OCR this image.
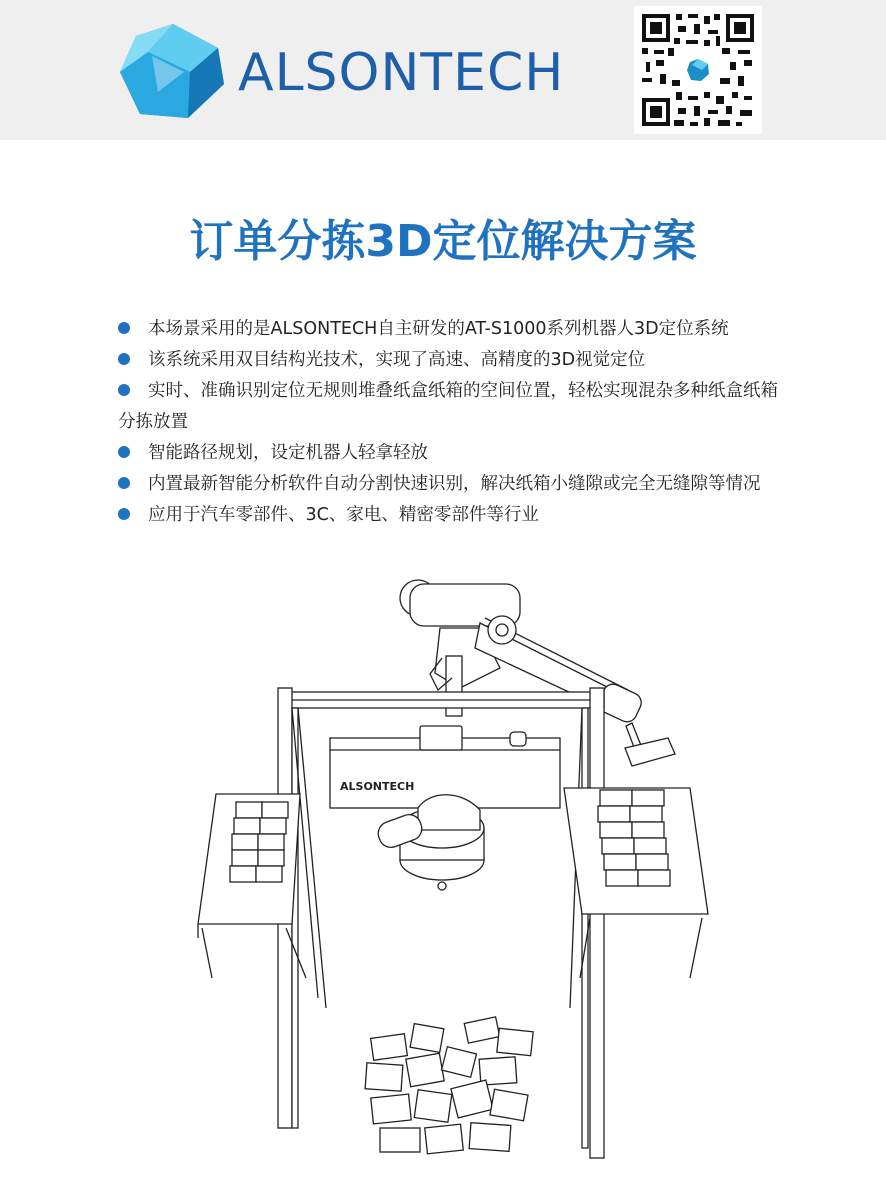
ALSONTECH
订单分拣3D定位解决方案

本场景采用的是ALSONTECH自主研发的AT-S1000系列机器人3D定位系统

该系统采用双目结构光技术，实现了高速、高精度的3D视觉定位

实时、准确识别定位无规则堆叠纸盒纸箱的空间位置，轻松实现混杂多种纸盒纸箱分拣放置

智能路径规划，设定机器人轻拿轻放

内置最新智能分析软件自动分割快速识别，解决纸箱小缝隙或完全无缝隙等情况

应用于汽车零部件、3C、家电、精密零部件等行业

ALSONTECH
